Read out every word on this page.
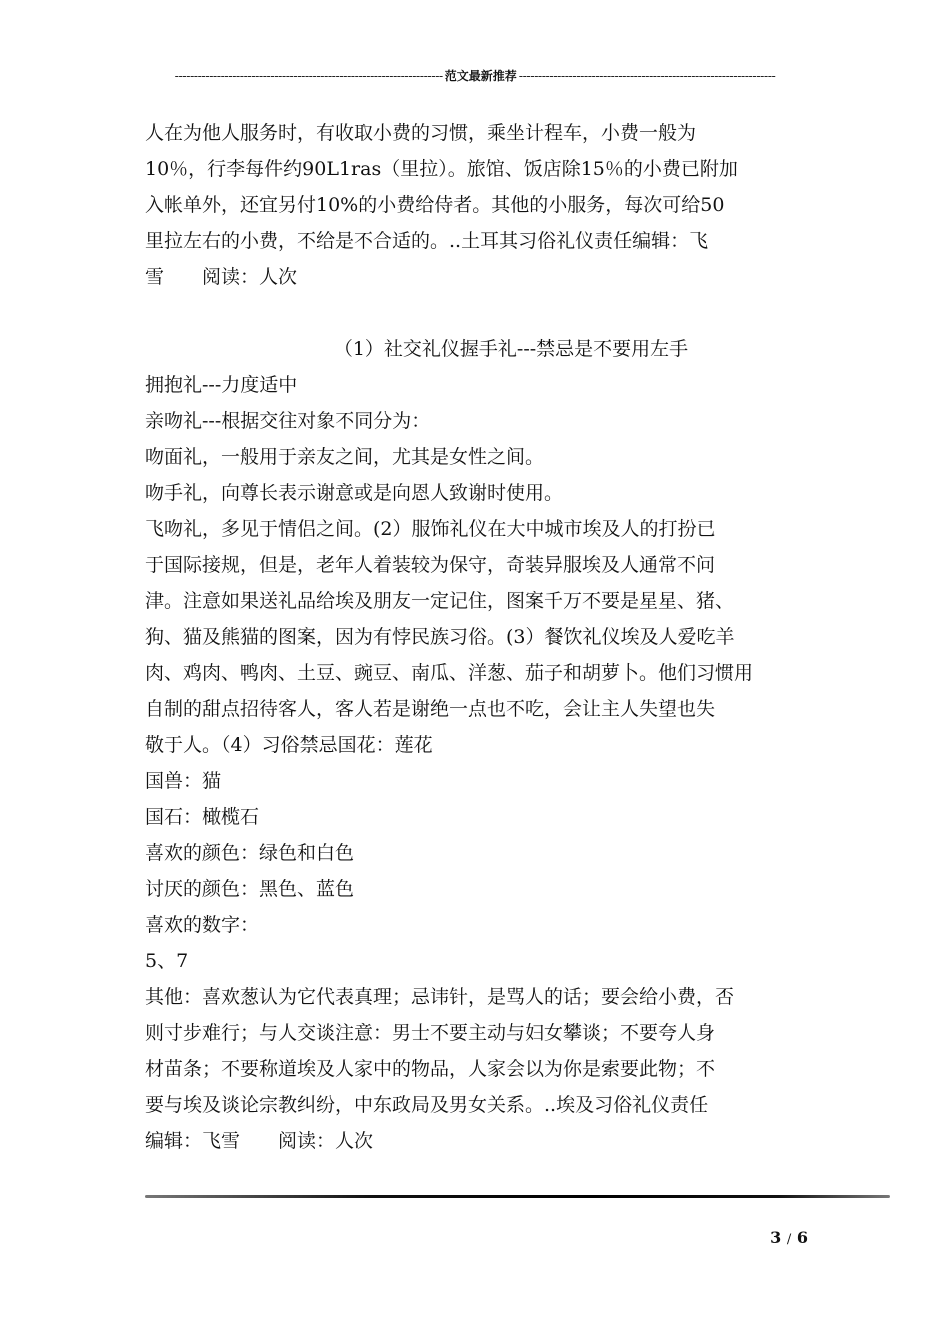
---------------------------------------------------------------------- 范文最新推荐 -------------------------------------------------------------------

人在为他人服务时，有收取小费的习惯，乘坐计程车，小费一般为

10％，行李每件约90L1ras（里拉）。旅馆、饭店除15％的小费已附加

入帐单外，还宜另付10%的小费给侍者。其他的小服务，每次可给50

里拉左右的小费，不给是不合适的。..土耳其习俗礼仪责任编辑：飞

雪　　阅读：人次

（1）社交礼仪握手礼---禁忌是不要用左手

拥抱礼---力度适中

亲吻礼---根据交往对象不同分为：

吻面礼，一般用于亲友之间，尤其是女性之间。

吻手礼，向尊长表示谢意或是向恩人致谢时使用。

飞吻礼，多见于情侣之间。(2）服饰礼仪在大中城市埃及人的打扮已

于国际接规，但是，老年人着装较为保守，奇装异服埃及人通常不问

津。注意如果送礼品给埃及朋友一定记住，图案千万不要是星星、猪、

狗、猫及熊猫的图案，因为有悖民族习俗。(3）餐饮礼仪埃及人爱吃羊

肉、鸡肉、鸭肉、土豆、豌豆、南瓜、洋葱、茄子和胡萝卜。他们习惯用

自制的甜点招待客人，客人若是谢绝一点也不吃，会让主人失望也失

敬于人。（4）习俗禁忌国花：莲花

国兽：猫

国石：橄榄石

喜欢的颜色：绿色和白色

讨厌的颜色：黑色、蓝色

喜欢的数字：

5、7

其他：喜欢葱认为它代表真理；忌讳针，是骂人的话；要会给小费，否

则寸步难行；与人交谈注意：男士不要主动与妇女攀谈；不要夸人身

材苗条；不要称道埃及人家中的物品，人家会以为你是索要此物；不

要与埃及谈论宗教纠纷，中东政局及男女关系。..埃及习俗礼仪责任

编辑：飞雪　　阅读：人次

3 / 6
